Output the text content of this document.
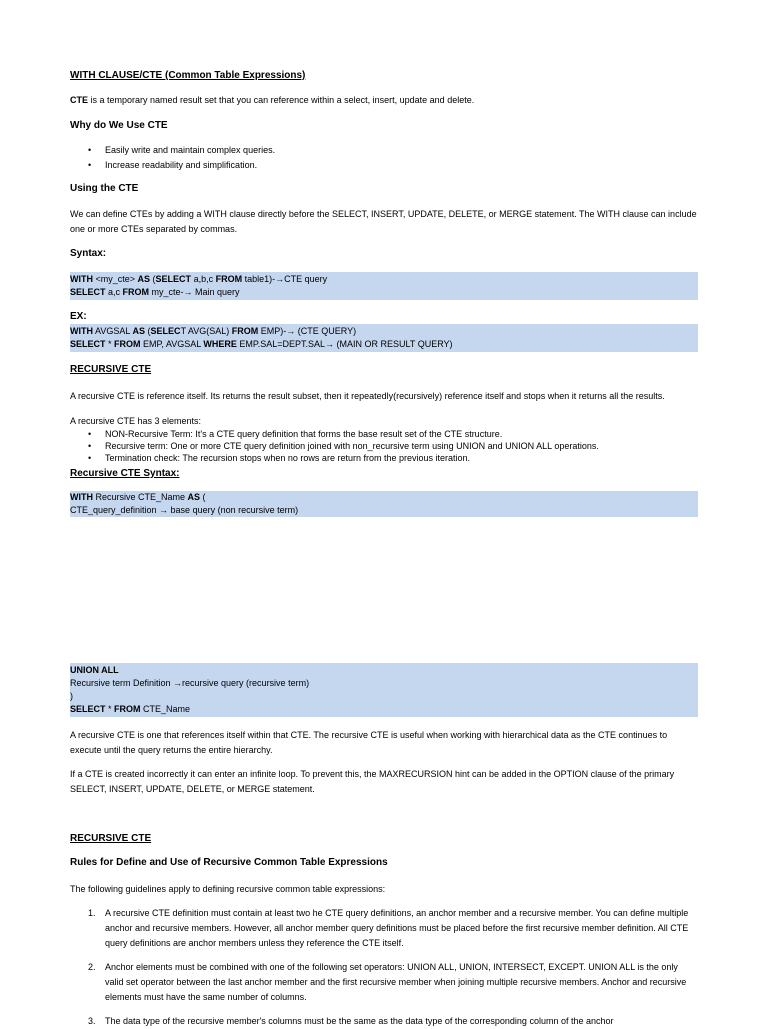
WITH CLAUSE/CTE (Common Table Expressions)
CTE is a temporary named result set that you can reference within a select, insert, update and delete.
Why do We Use CTE
• Easily write and maintain complex queries.
• Increase readability and simplification.
Using the CTE
We can define CTEs by adding a WITH clause directly before the SELECT, INSERT, UPDATE, DELETE, or MERGE statement. The WITH clause can include one or more CTEs separated by commas.
Syntax:
WITH <my_cte> AS (SELECT a,b,c FROM table1)-→CTE query
SELECT a,c FROM my_cte-→ Main query
EX:
WITH AVGSAL AS (SELECT AVG(SAL) FROM EMP)-→ (CTE QUERY)
SELECT * FROM EMP, AVGSAL WHERE EMP.SAL=DEPT.SAL→ (MAIN OR RESULT QUERY)
RECURSIVE CTE
A recursive CTE is reference itself. Its returns the result subset, then it repeatedly(recursively) reference itself and stops when it returns all the results.
A recursive CTE has 3 elements:
• NON-Recursive Term: It's a CTE query definition that forms the base result set of the CTE structure.
• Recursive term: One or more CTE query definition joined with non_recursive term using UNION and UNION ALL operations.
• Termination check: The recursion stops when no rows are return from the previous iteration.
Recursive CTE Syntax:
WITH Recursive CTE_Name AS (
CTE_query_definition → base query (non recursive term)
UNION ALL
Recursive term Definition →recursive query (recursive term)
)
SELECT * FROM CTE_Name
A recursive CTE is one that references itself within that CTE. The recursive CTE is useful when working with hierarchical data as the CTE continues to execute until the query returns the entire hierarchy.
If a CTE is created incorrectly it can enter an infinite loop. To prevent this, the MAXRECURSION hint can be added in the OPTION clause of the primary SELECT, INSERT, UPDATE, DELETE, or MERGE statement.
RECURSIVE CTE
Rules for Define and Use of Recursive Common Table Expressions
The following guidelines apply to defining recursive common table expressions:
1. A recursive CTE definition must contain at least two he CTE query definitions, an anchor member and a recursive member. You can define multiple anchor and recursive members. However, all anchor member query definitions must be placed before the first recursive member definition. All CTE query definitions are anchor members unless they reference the CTE itself.
2. Anchor elements must be combined with one of the following set operators: UNION ALL, UNION, INTERSECT, EXCEPT. UNION ALL is the only valid set operator between the last anchor member and the first recursive member when joining multiple recursive members. Anchor and recursive elements must have the same number of columns.
3. The data type of the recursive member's columns must be the same as the data type of the corresponding column of the anchor
